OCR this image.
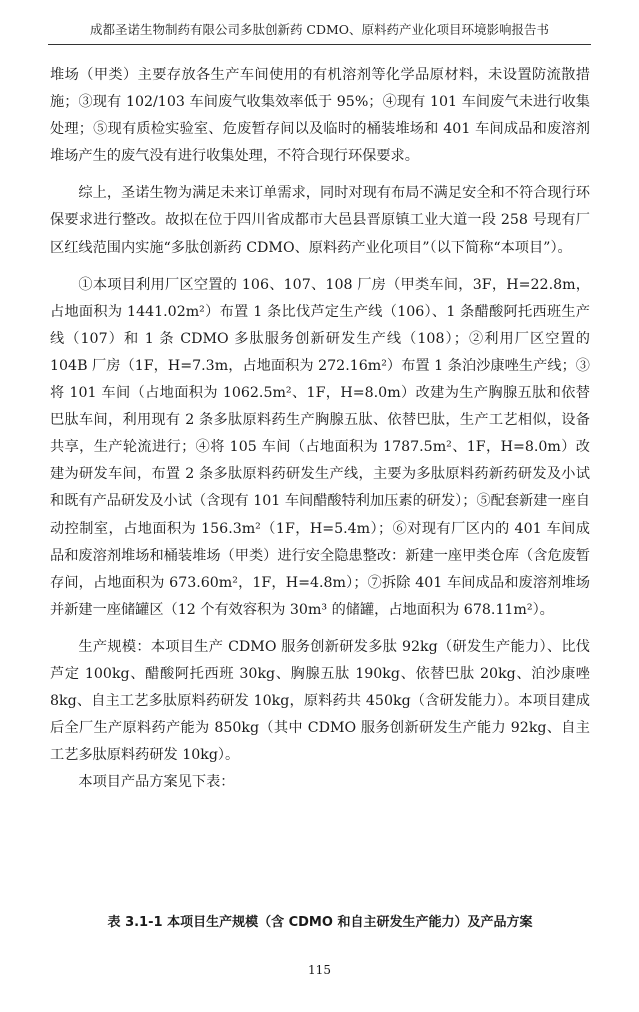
成都圣诺生物制药有限公司多肽创新药 CDMO、原料药产业化项目环境影响报告书

堆场（甲类）主要存放各生产车间使用的有机溶剂等化学品原材料，未设置防流散措施；③现有 102/103 车间废气收集效率低于 95%；④现有 101 车间废气未进行收集处理；⑤现有质检实验室、危废暂存间以及临时的桶装堆场和 401 车间成品和废溶剂堆场产生的废气没有进行收集处理，不符合现行环保要求。

综上，圣诺生物为满足未来订单需求，同时对现有布局不满足安全和不符合现行环保要求进行整改。故拟在位于四川省成都市大邑县晋原镇工业大道一段 258 号现有厂区红线范围内实施“多肽创新药 CDMO、原料药产业化项目”（以下简称“本项目”）。

①本项目利用厂区空置的 106、107、108 厂房（甲类车间，3F，H=22.8m，占地面积为 1441.02m²）布置 1 条比伐芦定生产线（106）、1 条醋酸阿托西班生产线（107）和 1 条 CDMO 多肽服务创新研发生产线（108）；②利用厂区空置的 104B 厂房（1F，H=7.3m，占地面积为 272.16m²）布置 1 条泊沙康唑生产线；③将 101 车间（占地面积为 1062.5m²、1F，H=8.0m）改建为生产胸腺五肽和依替巴肽车间，利用现有 2 条多肽原料药生产胸腺五肽、依替巴肽，生产工艺相似，设备共享，生产轮流进行；④将 105 车间（占地面积为 1787.5m²、1F，H=8.0m）改建为研发车间，布置 2 条多肽原料药研发生产线，主要为多肽原料药新药研发及小试和既有产品研发及小试（含现有 101 车间醋酸特利加压素的研发）；⑤配套新建一座自动控制室，占地面积为 156.3m²（1F，H=5.4m）；⑥对现有厂区内的 401 车间成品和废溶剂堆场和桶装堆场（甲类）进行安全隐患整改：新建一座甲类仓库（含危废暂存间，占地面积为 673.60m²，1F，H=4.8m）；⑦拆除 401 车间成品和废溶剂堆场并新建一座储罐区（12 个有效容积为 30m³ 的储罐，占地面积为 678.11m²）。

生产规模：本项目生产 CDMO 服务创新研发多肽 92kg（研发生产能力）、比伐芦定 100kg、醋酸阿托西班 30kg、胸腺五肽 190kg、依替巴肽 20kg、泊沙康唑 8kg、自主工艺多肽原料药研发 10kg，原料药共 450kg（含研发能力）。本项目建成后全厂生产原料药产能为 850kg（其中 CDMO 服务创新研发生产能力 92kg、自主工艺多肽原料药研发 10kg）。

本项目产品方案见下表：

表 3.1-1 本项目生产规模（含 CDMO 和自主研发生产能力）及产品方案
115
